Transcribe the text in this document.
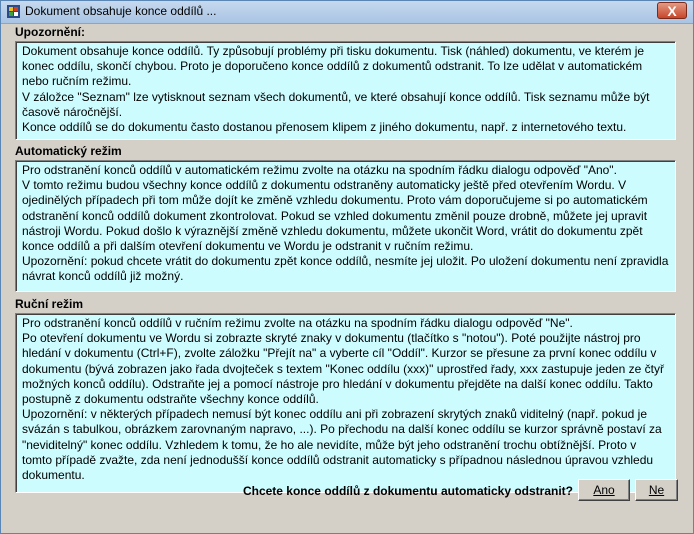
Dokument obsahuje konce oddílů ...	X
Upozornění:
Dokument obsahuje konce oddílů. Ty způsobují problémy při tisku dokumentu. Tisk (náhled) dokumentu, ve kterém je konec oddílu, skončí chybou. Proto je doporučeno konce oddílů z dokumentů odstranit. To lze udělat v automatickém nebo ručním režimu.
V záložce "Seznam" lze vytisknout seznam všech dokumentů, ve které obsahují konce oddílů. Tisk seznamu může být časově náročnější.
Konce oddílů se do dokumentu často dostanou přenosem klipem z jiného dokumentu, např. z internetového textu.
Automatický režim
Pro odstranění konců oddílů v automatickém režimu zvolte na otázku na spodním řádku dialogu odpověď "Ano".
V tomto režimu budou všechny konce oddílů z dokumentu odstraněny automaticky ještě před otevřením Wordu. V ojedinělých případech při tom může dojít ke změně vzhledu dokumentu. Proto vám doporučujeme si po automatickém odstranění konců oddílů dokument zkontrolovat. Pokud se vzhled dokumentu změnil pouze drobně, můžete jej upravit nástroji Wordu. Pokud došlo k výraznější změně vzhledu dokumentu, můžete ukončit Word, vrátit do dokumentu zpět konce oddílů a při dalším otevření dokumentu ve Wordu je odstranit v ručním režimu.
Upozornění: pokud chcete vrátit do dokumentu zpět konce oddílů, nesmíte jej uložit. Po uložení dokumentu není zpravidla návrat konců oddílů již možný.
Ruční režim
Pro odstranění konců oddílů v ručním režimu zvolte na otázku na spodním řádku dialogu odpověď "Ne".
Po otevření dokumentu ve Wordu si zobrazte skryté znaky v dokumentu (tlačítko s "notou"). Poté použijte nástroj pro hledání v dokumentu (Ctrl+F), zvolte záložku "Přejít na" a vyberte cíl "Oddíl". Kurzor se přesune za první konec oddílu v dokumentu (bývá zobrazen jako řada dvojteček s textem "Konec oddílu (xxx)" uprostřed řady, xxx zastupuje jeden ze čtyř možných konců oddílu). Odstraňte jej a pomocí nástroje pro hledání v dokumentu přejděte na další konec oddílu. Takto postupně z dokumentu odstraňte všechny konce oddílů.
Upozornění: v některých případech nemusí být konec oddílu ani při zobrazení skrytých znaků viditelný (např. pokud je svázán s tabulkou, obrázkem zarovnaným napravo, ...). Po přechodu na další konec oddílu se kurzor správně postaví za "neviditelný" konec oddílu. Vzhledem k tomu, že ho ale nevidíte, může být jeho odstranění trochu obtížnější. Proto v tomto případě zvažte, zda není jednodušší konce oddílů odstranit automaticky s případnou následnou úpravou vzhledu dokumentu.
Chcete konce oddílů z dokumentu automaticky odstranit?	Ano	Ne
